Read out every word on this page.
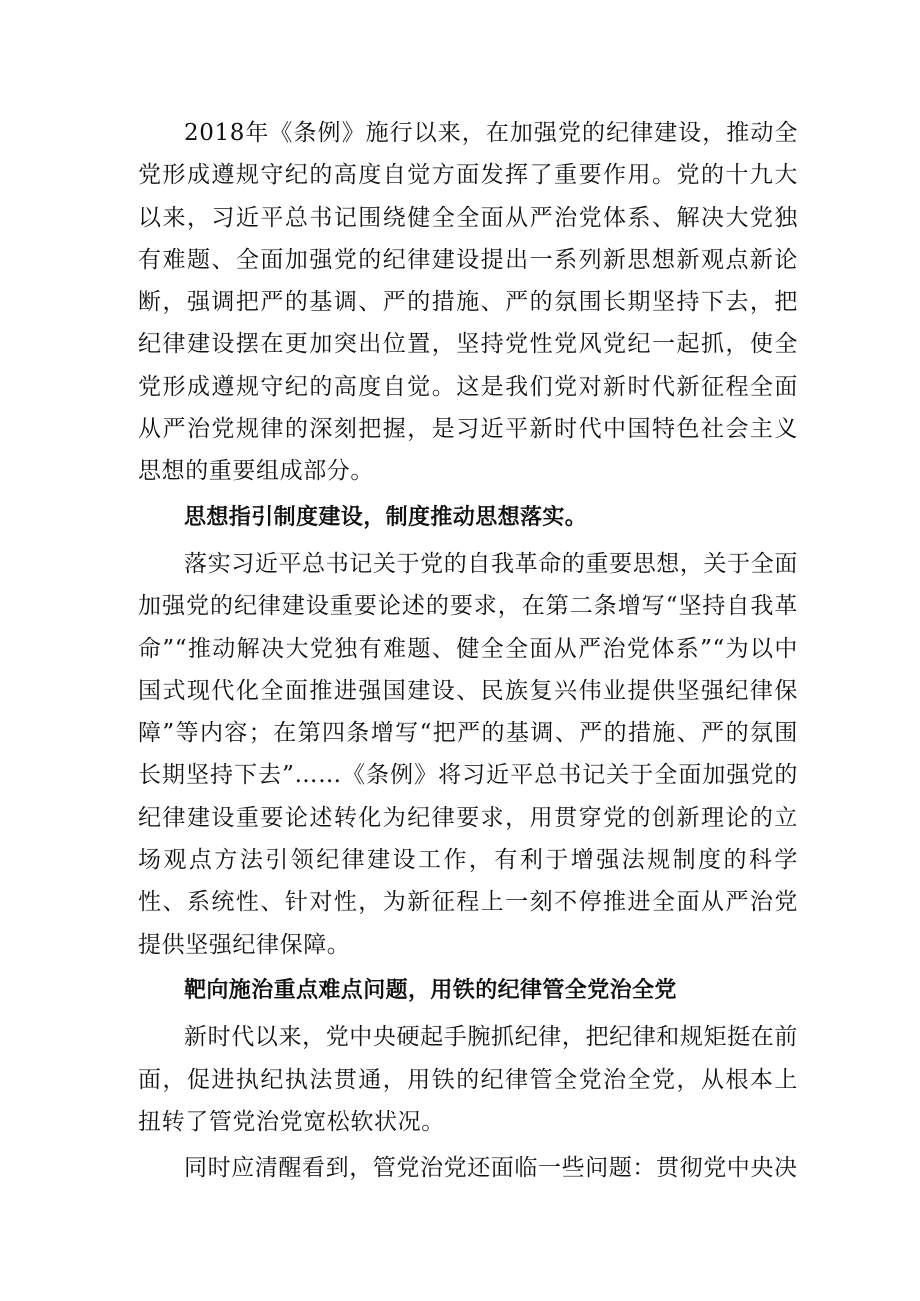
2018年《条例》施行以来，在加强党的纪律建设，推动全党形成遵规守纪的高度自觉方面发挥了重要作用。党的十九大以来，习近平总书记围绕健全全面从严治党体系、解决大党独有难题、全面加强党的纪律建设提出一系列新思想新观点新论断，强调把严的基调、严的措施、严的氛围长期坚持下去，把纪律建设摆在更加突出位置，坚持党性党风党纪一起抓，使全党形成遵规守纪的高度自觉。这是我们党对新时代新征程全面从严治党规律的深刻把握，是习近平新时代中国特色社会主义思想的重要组成部分。

思想指引制度建设，制度推动思想落实。

落实习近平总书记关于党的自我革命的重要思想，关于全面加强党的纪律建设重要论述的要求，在第二条增写“坚持自我革命”“推动解决大党独有难题、健全全面从严治党体系”“为以中国式现代化全面推进强国建设、民族复兴伟业提供坚强纪律保障”等内容；在第四条增写“把严的基调、严的措施、严的氛围长期坚持下去”……《条例》将习近平总书记关于全面加强党的纪律建设重要论述转化为纪律要求，用贯穿党的创新理论的立场观点方法引领纪律建设工作，有利于增强法规制度的科学性、系统性、针对性，为新征程上一刻不停推进全面从严治党提供坚强纪律保障。

靶向施治重点难点问题，用铁的纪律管全党治全党

新时代以来，党中央硬起手腕抓纪律，把纪律和规矩挺在前面，促进执纪执法贯通，用铁的纪律管全党治全党，从根本上扭转了管党治党宽松软状况。

同时应清醒看到，管党治党还面临一些问题：贯彻党中央决
